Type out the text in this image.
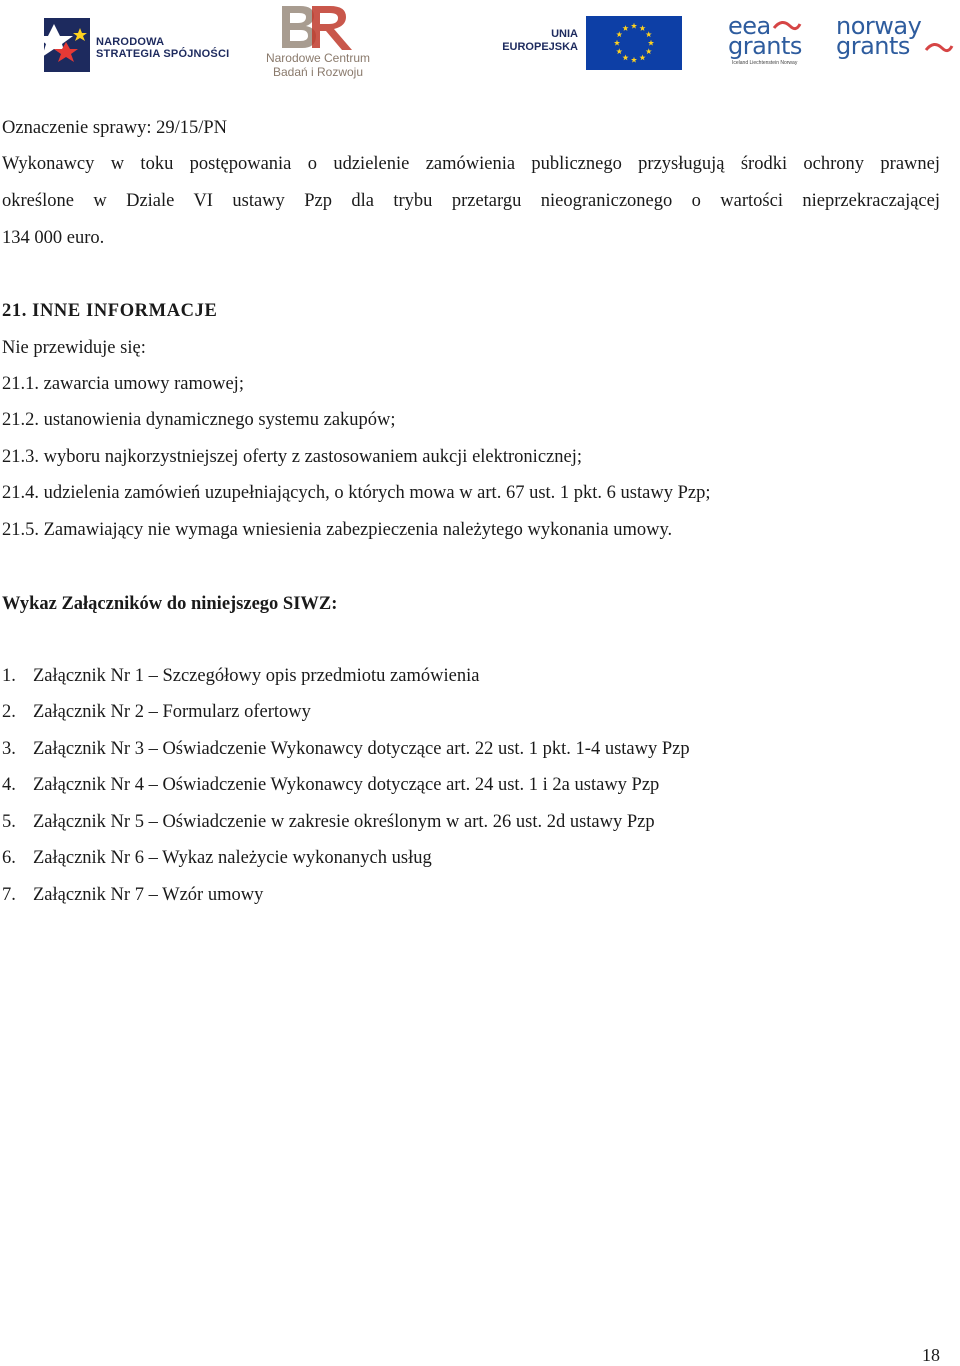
NARODOWA
STRATEGIA SPÓJNOŚCI	Narodowe Centrum
Badań i Rozwoju
UNIA
EUROPEJSKA
eea
grants
Iceland Liechtenstein Norway
norway
grants

Oznaczenie sprawy: 29/15/PN

Wykonawcy w toku postępowania o udzielenie zamówienia publicznego przysługują środki ochrony prawnej

określone w Dziale VI ustawy Pzp dla trybu przetargu nieograniczonego o wartości nieprzekraczającej

134 000 euro.

21. INNE INFORMACJE

Nie przewiduje się:

21.1. zawarcia umowy ramowej;

21.2. ustanowienia dynamicznego systemu zakupów;

21.3. wyboru najkorzystniejszej oferty z zastosowaniem aukcji elektronicznej;

21.4. udzielenia zamówień uzupełniających, o których mowa w art. 67 ust. 1 pkt. 6 ustawy Pzp;

21.5. Zamawiający nie wymaga wniesienia zabezpieczenia należytego wykonania umowy.

Wykaz Załączników do niniejszego SIWZ:

1. Załącznik Nr 1 – Szczegółowy opis przedmiotu zamówienia

2. Załącznik Nr 2 – Formularz ofertowy

3. Załącznik Nr 3 – Oświadczenie Wykonawcy dotyczące art. 22 ust. 1 pkt. 1-4 ustawy Pzp

4. Załącznik Nr 4 – Oświadczenie Wykonawcy dotyczące art. 24 ust. 1 i 2a ustawy Pzp

5. Załącznik Nr 5 – Oświadczenie w zakresie określonym w art. 26 ust. 2d ustawy Pzp

6. Załącznik Nr 6 – Wykaz należycie wykonanych usług

7. Załącznik Nr 7 – Wzór umowy

18
